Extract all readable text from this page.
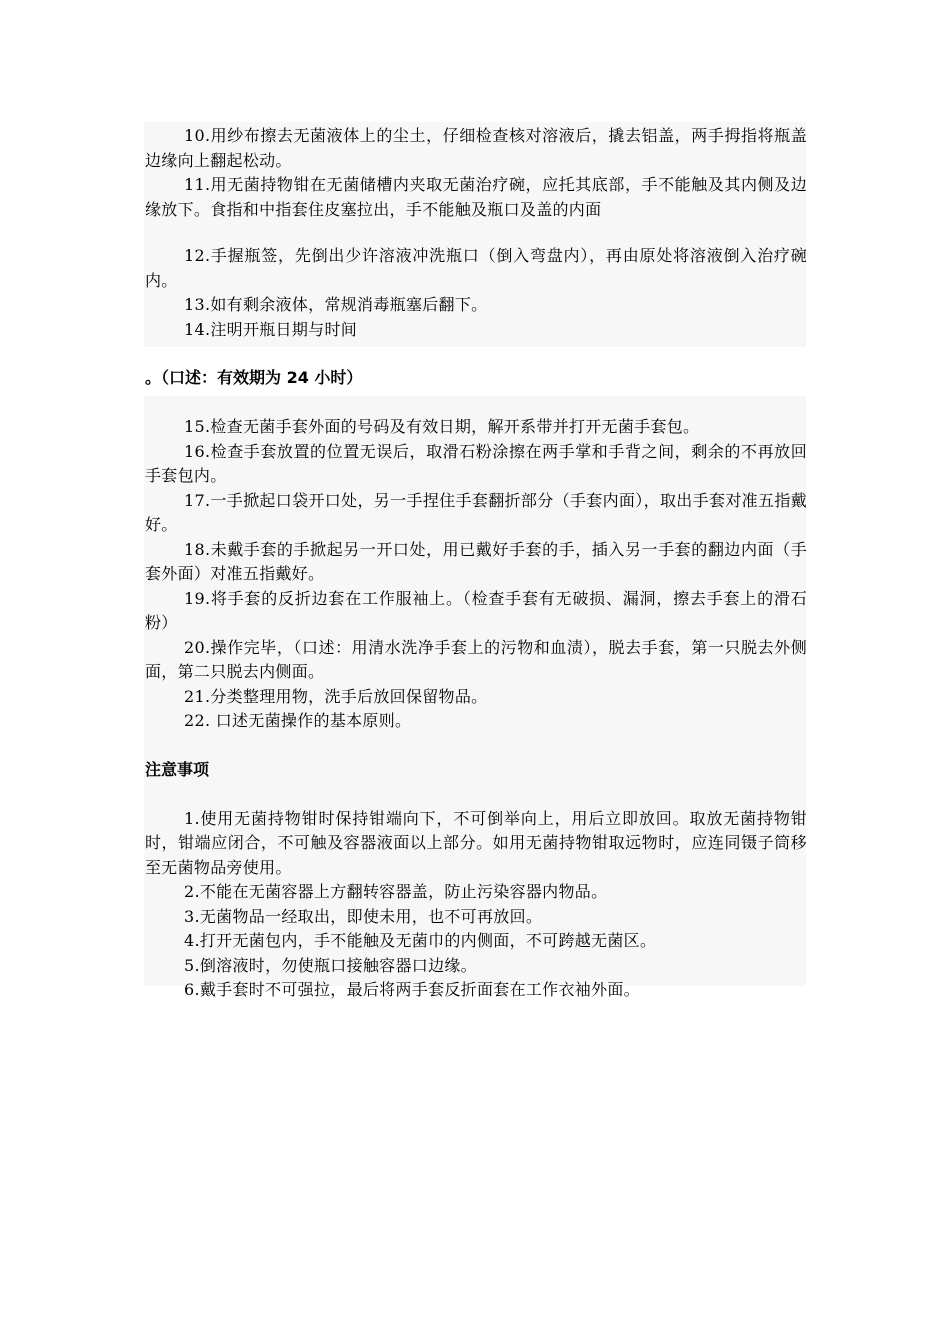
10.用纱布擦去无菌液体上的尘土，仔细检查核对溶液后，撬去铝盖，两手拇指将瓶盖边缘向上翻起松动。

11.用无菌持物钳在无菌储槽内夹取无菌治疗碗，应托其底部，手不能触及其内侧及边缘放下。食指和中指套住皮塞拉出，手不能触及瓶口及盖的内面

12.手握瓶签，先倒出少许溶液冲洗瓶口（倒入弯盘内），再由原处将溶液倒入治疗碗内。

13.如有剩余液体，常规消毒瓶塞后翻下。

14.注明开瓶日期与时间

。（口述：有效期为 24 小时）

15.检查无菌手套外面的号码及有效日期，解开系带并打开无菌手套包。

16.检查手套放置的位置无误后，取滑石粉涂擦在两手掌和手背之间，剩余的不再放回手套包内。

17.一手掀起口袋开口处，另一手捏住手套翻折部分（手套内面），取出手套对准五指戴好。

18.未戴手套的手掀起另一开口处，用已戴好手套的手，插入另一手套的翻边内面（手套外面）对准五指戴好。

19.将手套的反折边套在工作服袖上。（检查手套有无破损、漏洞，擦去手套上的滑石粉）

20.操作完毕，（口述：用清水洗净手套上的污物和血渍），脱去手套，第一只脱去外侧面，第二只脱去内侧面。

21.分类整理用物，洗手后放回保留物品。

22. 口述无菌操作的基本原则。

注意事项

1.使用无菌持物钳时保持钳端向下，不可倒举向上，用后立即放回。取放无菌持物钳时，钳端应闭合，不可触及容器液面以上部分。如用无菌持物钳取远物时，应连同镊子筒移至无菌物品旁使用。

2.不能在无菌容器上方翻转容器盖，防止污染容器内物品。

3.无菌物品一经取出，即使未用，也不可再放回。

4.打开无菌包内，手不能触及无菌巾的内侧面，不可跨越无菌区。

5.倒溶液时，勿使瓶口接触容器口边缘。

6.戴手套时不可强拉，最后将两手套反折面套在工作衣袖外面。
